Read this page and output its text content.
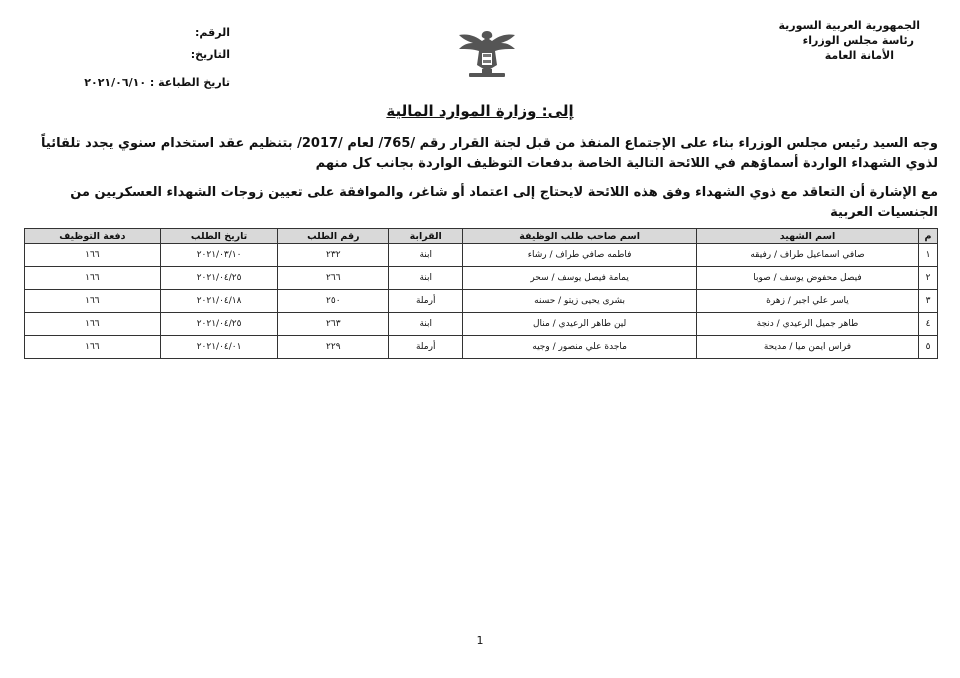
الجمهورية العربية السورية
رئاسة مجلس الوزراء
الأمانة العامة
الرقم:
التاريخ:
تاريخ الطباعة : ٢٠٢١/٠٦/١٠
إلى: وزارة الموارد المالية
وجه السيد رئيس مجلس الوزراء بناء على الإجتماع المنفذ من قبل لجنة القرار رقم /765/ لعام /2017/ بتنظيم عقد استخدام سنوي يجدد تلقائياً لذوي الشهداء الواردة أسماؤهم في اللائحة التالية الخاصة بدفعات التوظيف الواردة بجانب كل منهم
مع الإشارة أن التعاقد مع ذوي الشهداء وفق هذه اللائحة لايحتاج إلى اعتماد أو شاغر، والموافقة على تعيين زوجات الشهداء العسكريين من الجنسيات العربية
م	اسم الشهيد	اسم صاحب طلب الوظيفة	القرابة	رقم الطلب	تاريخ الطلب	دفعة التوظيف
١	صافي اسماعيل طراف / رفيقه	فاطمه صافي طراف / رشاء	ابنة	٢٣٢	٢٠٢١/٠٣/١٠	١٦٦
٢	فيصل محفوض يوسف / صوبا	يمامة فيصل يوسف / سحر	ابنة	٢٦٦	٢٠٢١/٠٤/٢٥	١٦٦
٣	ياسر علي اجبر / زهرة	بشرى يحيى زيتو / حسنه	أرملة	٢٥٠	٢٠٢١/٠٤/١٨	١٦٦
٤	طاهر جميل الرعيدي / دنجة	لين طاهر الرعيدي / منال	ابنة	٢٦٣	٢٠٢١/٠٤/٢٥	١٦٦
٥	فراس ايمن ميا / مديحة	ماجدة علي منصور / وجيه	أرملة	٢٢٩	٢٠٢١/٠٤/٠١	١٦٦
1
